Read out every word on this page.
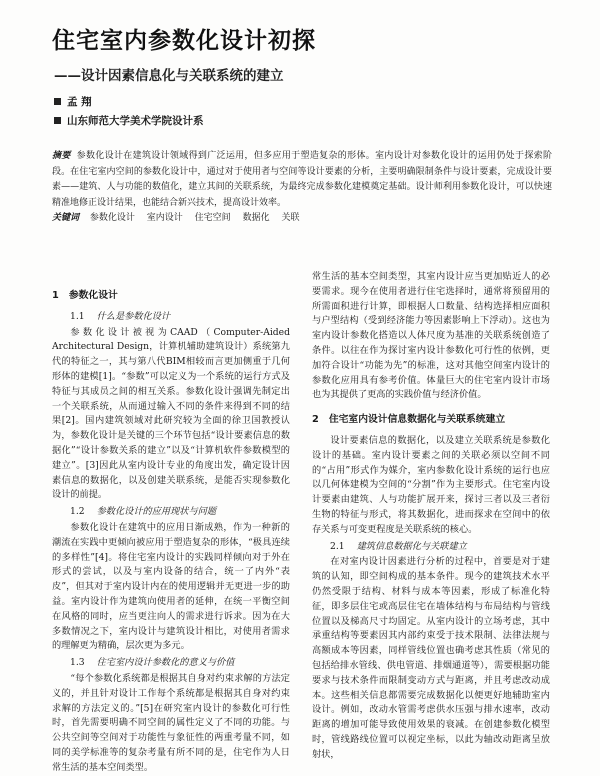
住宅室内参数化设计初探
——设计因素信息化与关联系统的建立
孟 翔
山东师范大学美术学院设计系

摘要 参数化设计在建筑设计领域得到广泛运用，但多应用于塑造复杂的形体。室内设计对参数化设计的运用仍处于探索阶段。在住宅室内空间的参数化设计中，通过对于使用者与空间等设计要素的分析，主要明确限制条件与设计要素，完成设计要素——建筑、人与功能的数值化，建立其间的关联系统，为最终完成参数化建模奠定基础。设计师利用参数化设计，可以快速精准地修正设计结果，也能结合新兴技术，提高设计效率。

关键词 参数化设计 室内设计 住宅空间 数据化 关联

1 参数化设计
1.1 什么是参数化设计

参数化设计被视为CAAD（Computer-Aided Architectural Design，计算机辅助建筑设计）系统第九代的特征之一，其与第八代BIM相较而言更加侧重于几何形体的建模[1]。“参数”可以定义为一个系统的运行方式及特征与其成员之间的相互关系。参数化设计强调先制定出一个关联系统，从而通过输入不同的条件来得到不同的结果[2]。国内建筑领域对此研究较为全面的徐卫国教授认为，参数化设计是关键的三个环节包括“设计要素信息的数据化”“设计参数关系的建立”以及“计算机软件参数模型的建立”。[3]因此从室内设计专业的角度出发，确定设计因素信息的数据化，以及创建关联系统，是能否实现参数化设计的前提。

1.2 参数化设计的应用现状与问题

参数化设计在建筑中的应用日渐成熟，作为一种新的潮流在实践中更倾向被应用于塑造复杂的形体，“极具连续的多样性”[4]。将住宅室内设计的实践同样倾向对于外在形式的尝试，以及与室内设备的结合，统一了内外“表皮”，但其对于室内设计内在的使用逻辑并无更进一步的助益。室内设计作为建筑向使用者的延伸，在统一平衡空间在风格的同时，应当更注向人的需求进行诉求。因为在大多数情况之下，室内设计与建筑设计相比，对使用者需求的理解更为精确，层次更为多元。

1.3 住宅室内设计参数化的意义与价值

“每个参数化系统都是根据其自身对约束求解的方法定义的，并且针对设计工作每个系统都是根据其自身对约束求解的方法定义的。”[5]在研究室内设计的参数化可行性时，首先需要明确不同空间的属性定义了不同的功能。与公共空间等空间对于功能性与象征性的两重考量不同，如同的美学标准等的复杂考量有所不同的是，住宅作为人日常生活的基本空间类型。

常生活的基本空间类型，其室内设计应当更加贴近人的必要需求。现今在使用者进行住宅选择时，通常将预留用的所需面积进行计算，即根据人口数量、结构选择相应面积与户型结构（受到经济能力等因素影响上下浮动）。这也为室内设计参数化搭造以人体尺度为基准的关联系统创造了条件。以往在作为探讨室内设计参数化可行性的依例，更加符合设计“功能为先”的标准，这对其他空间室内设计的参数化应用具有参考价值。体量巨大的住宅室内设计市场也为其提供了更高的实践价值与经济价值。

2 住宅室内设计信息数据化与关联系统建立

设计要素信息的数据化，以及建立关联系统是参数化设计的基础。室内设计要素之间的关联必须以空间不同的“占用”形式作为媒介，室内参数化设计系统的运行也应以几何体建模为空间的“分割”作为主要形式。住宅室内设计要素由建筑、人与功能扩展开来，探讨三者以及三者衍生物的特征与形式，将其数据化，进而探求在空间中的依存关系与可变更程度是关联系统的核心。

2.1 建筑信息数据化与关联建立

在对室内设计因素进行分析的过程中，首要是对于建筑的认知，即空间构成的基本条件。现今的建筑技术水平仍然受限于结构、材料与成本等因素，形成了标准化特征，即多层住宅或高层住宅在墙体结构与布局结构与管线位置以及梯高尺寸均固定。从室内设计的立场考虑，其中承重结构等要素因其内部约束受于技术限制、法律法规与高额成本等因素，同样管线位置也确考虑其性质（常见的包括给排水管线、供电管道、排烟通道等），需要根据功能要求与技术条件而限制变动方式与距离，并且考虑改动成本。这些相关信息都需要完成数据化以便更好地辅助室内设计。例如，改动水管需考虑供水压强与排水速率，改动距离的增加可能导致使用效果的衰减。在创建参数化模型时，管线路线位置可以视定坐标，以此为轴改动距离呈放射状，
